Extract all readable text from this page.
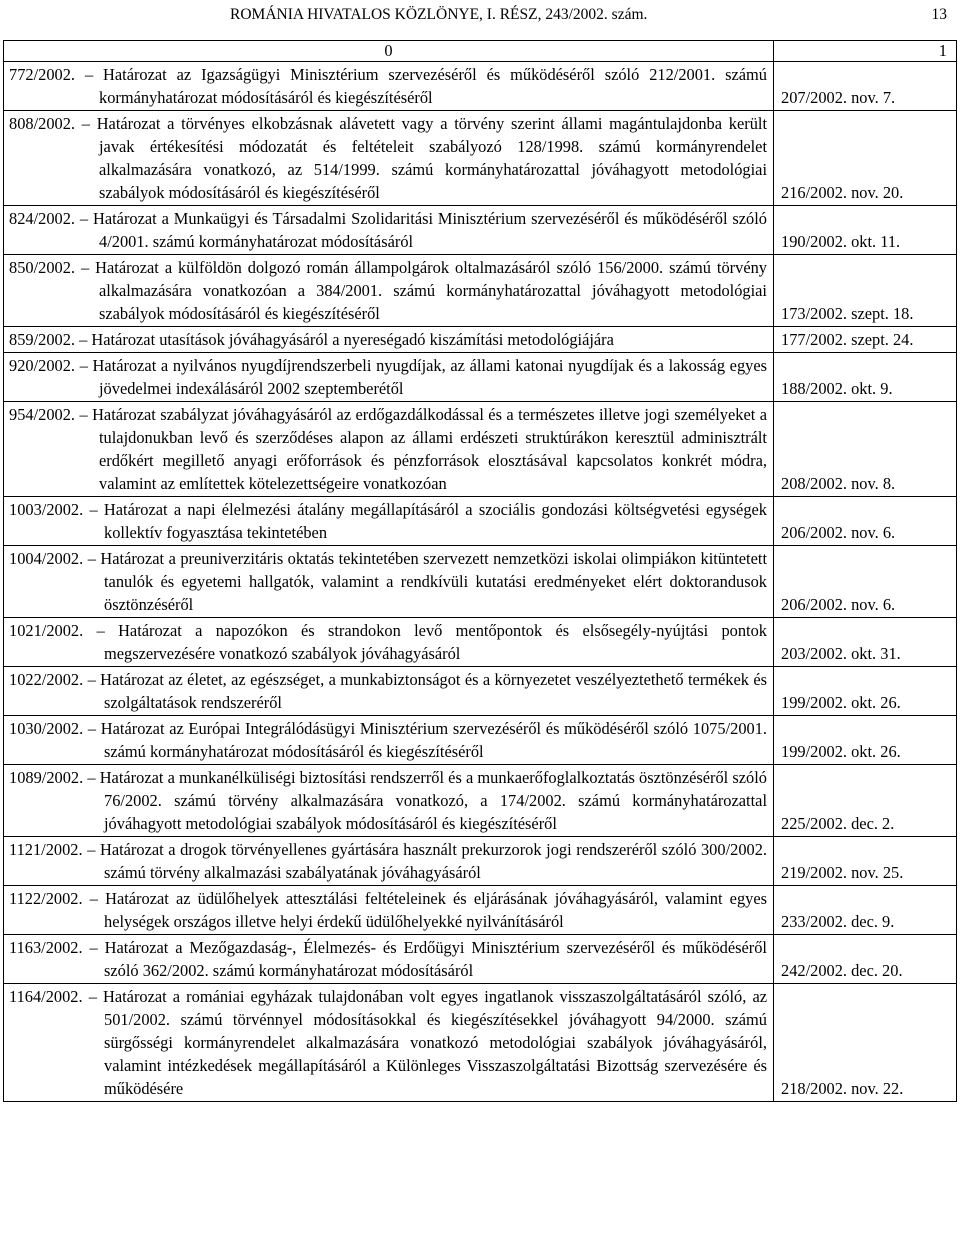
ROMÁNIA HIVATALOS KÖZLÖNYE, I. RÉSZ, 243/2002. szám.	13
0	1
772/2002. – Határozat az Igazságügyi Minisztérium szervezéséről és működéséről szóló 212/2001. számú kormányhatározat módosításáról és kiegészítéséről	207/2002. nov. 7.
808/2002. – Határozat a törvényes elkobzásnak alávetett vagy a törvény szerint állami magántulajdonba került javak értékesítési módozatát és feltételeit szabályozó 128/1998. számú kormányrendelet alkalmazására vonatkozó, az 514/1999. számú kormányhatározattal jóváhagyott metodológiai szabályok módosításáról és kiegészítéséről	216/2002. nov. 20.
824/2002. – Határozat a Munkaügyi és Társadalmi Szolidaritási Minisztérium szervezéséről és működéséről szóló 4/2001. számú kormányhatározat módosításáról	190/2002. okt. 11.
850/2002. – Határozat a külföldön dolgozó román állampolgárok oltalmazásáról szóló 156/2000. számú törvény alkalmazására vonatkozóan a 384/2001. számú kormányhatározattal jóváhagyott metodológiai szabályok módosításáról és kiegészítéséről	173/2002. szept. 18.
859/2002. – Határozat utasítások jóváhagyásáról a nyereségadó kiszámítási metodológiájára	177/2002. szept. 24.
920/2002. – Határozat a nyilvános nyugdíjrendszerbeli nyugdíjak, az állami katonai nyugdíjak és a lakosság egyes jövedelmei indexálásáról 2002 szeptemberétől	188/2002. okt. 9.
954/2002. – Határozat szabályzat jóváhagyásáról az erdőgazdálkodással és a természetes illetve jogi személyeket a tulajdonukban levő és szerződéses alapon az állami erdészeti struktúrákon keresztül adminisztrált erdőkért megillető anyagi erőforrások és pénzforrások elosztásával kapcsolatos konkrét módra, valamint az említettek kötelezettségeire vonatkozóan	208/2002. nov. 8.
1003/2002. – Határozat a napi élelmezési átalány megállapításáról a szociális gondozási költségvetési egységek kollektív fogyasztása tekintetében	206/2002. nov. 6.
1004/2002. – Határozat a preuniverzitáris oktatás tekintetében szervezett nemzetközi iskolai olimpiákon kitüntetett tanulók és egyetemi hallgatók, valamint a rendkívüli kutatási eredményeket elért doktorandusok ösztönzéséről	206/2002. nov. 6.
1021/2002. – Határozat a napozókon és strandokon levő mentőpontok és elsősegély-nyújtási pontok megszervezésére vonatkozó szabályok jóváhagyásáról	203/2002. okt. 31.
1022/2002. – Határozat az életet, az egészséget, a munkabiztonságot és a környezetet veszélyeztethető termékek és szolgáltatások rendszeréről	199/2002. okt. 26.
1030/2002. – Határozat az Európai Integrálódásügyi Minisztérium szervezéséről és működéséről szóló 1075/2001. számú kormányhatározat módosításáról és kiegészítéséről	199/2002. okt. 26.
1089/2002. – Határozat a munkanélküliségi biztosítási rendszerről és a munkaerőfoglalkoztatás ösztönzéséről szóló 76/2002. számú törvény alkalmazására vonatkozó, a 174/2002. számú kormányhatározattal jóváhagyott metodológiai szabályok módosításáról és kiegészítéséről	225/2002. dec. 2.
1121/2002. – Határozat a drogok törvényellenes gyártására használt prekurzorok jogi rendszeréről szóló 300/2002. számú törvény alkalmazási szabályatának jóváhagyásáról	219/2002. nov. 25.
1122/2002. – Határozat az üdülőhelyek attesztálási feltételeinek és eljárásának jóváhagyásáról, valamint egyes helységek országos illetve helyi érdekű üdülőhelyekké nyilvánításáról	233/2002. dec. 9.
1163/2002. – Határozat a Mezőgazdaság-, Élelmezés- és Erdőügyi Minisztérium szervezéséről és működéséről szóló 362/2002. számú kormányhatározat módosításáról	242/2002. dec. 20.
1164/2002. – Határozat a romániai egyházak tulajdonában volt egyes ingatlanok visszaszolgáltatásáról szóló, az 501/2002. számú törvénnyel módosításokkal és kiegészítésekkel jóváhagyott 94/2000. számú sürgősségi kormányrendelet alkalmazására vonatkozó metodológiai szabályok jóváhagyásáról, valamint intézkedések megállapításáról a Különleges Visszaszolgáltatási Bizottság szervezésére és működésére	218/2002. nov. 22.
